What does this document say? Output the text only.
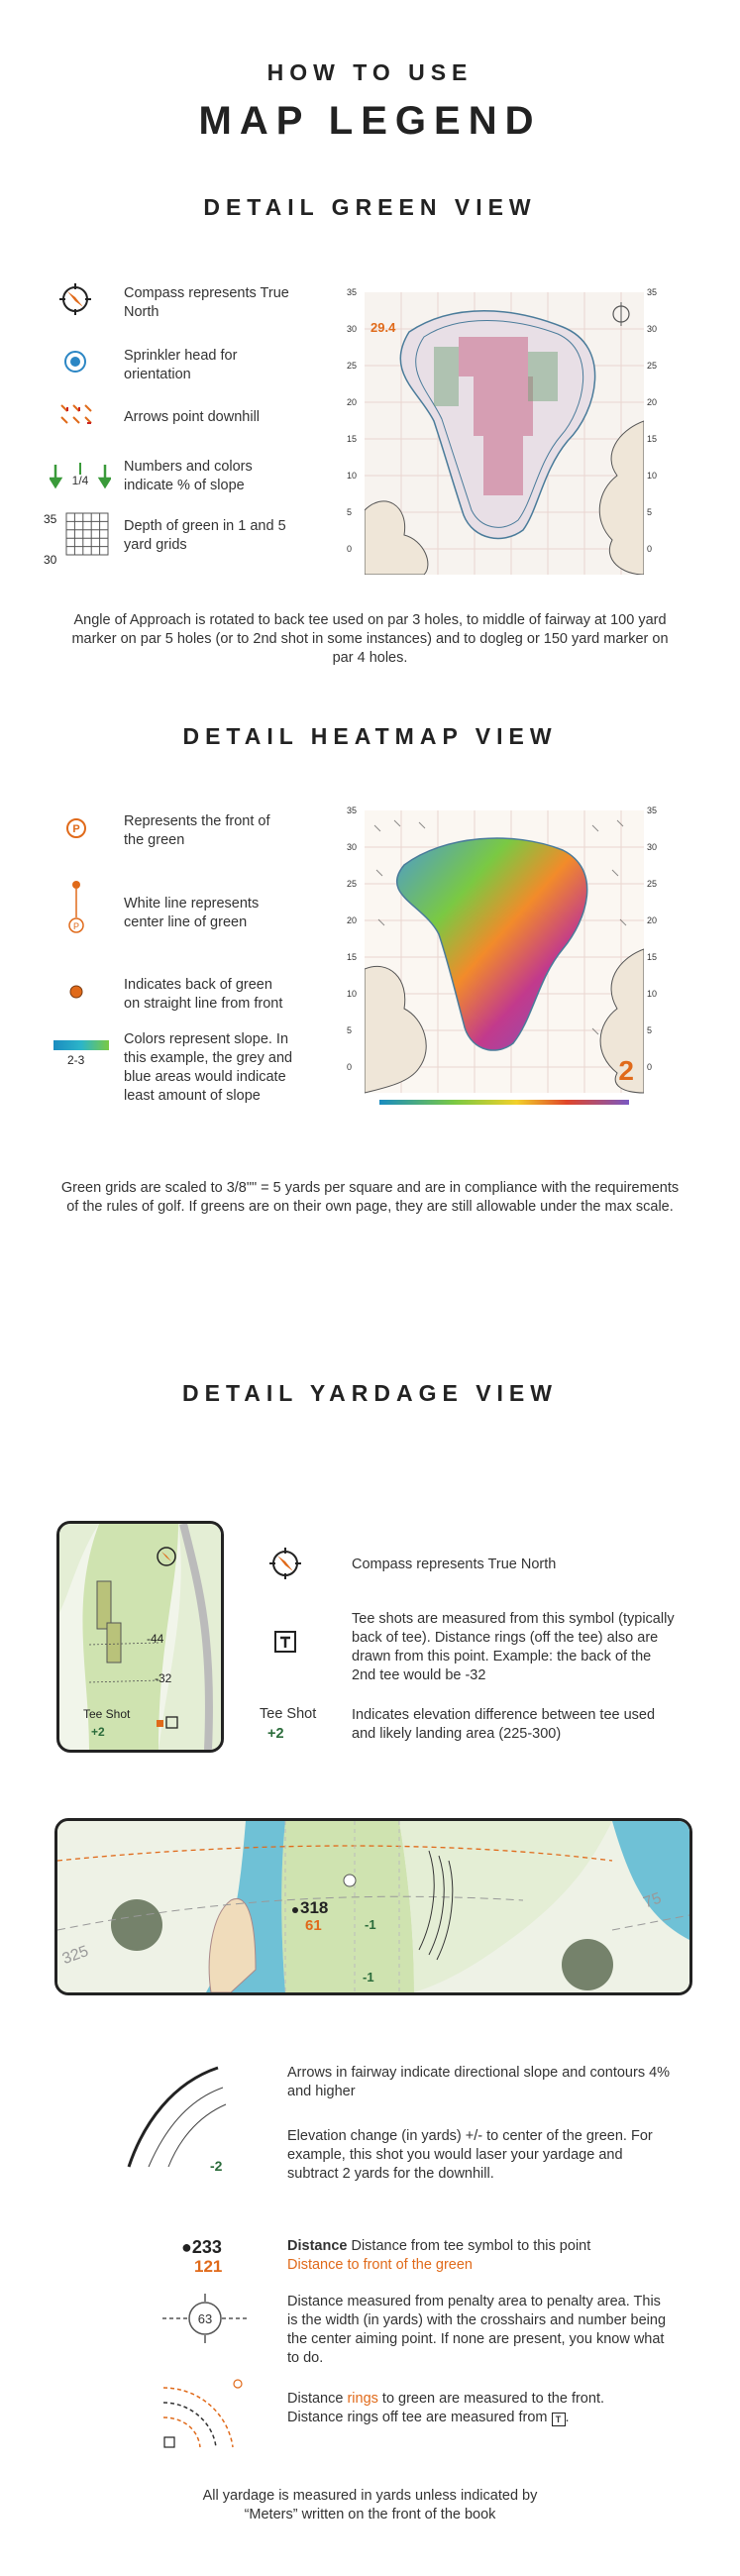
HOW TO USE
MAP LEGEND
DETAIL GREEN VIEW
Compass represents True North
Sprinkler head for orientation
Arrows point downhill
1/4
Numbers and colors indicate % of slope
35
30
Depth of green in 1 and 5 yard grids
35
30
25
20
15
10
5
0
29.4
35
30
25
20
15
10
5
0
Angle of Approach is rotated to back tee used on par 3 holes, to middle of fairway at 100 yard marker on par 5 holes (or to 2nd shot in some instances) and to dogleg or 150 yard marker on par 4 holes.
DETAIL HEATMAP VIEW
P	Represents the front of the green
P
White line represents center line of green
Indicates back of green on straight line from front
2-3
Colors represent slope. In this example, the grey and blue areas would indicate least amount of slope
35
30
25
20
15
10
5
0	2
35
30
25
20
15
10
5
0
Green grids are scaled to 3/8"" = 5 yards per square and are in compliance with the requirements of the rules of golf. If greens are on their own page, they are still allowable under the max scale.
DETAIL YARDAGE VIEW
-44
-32
Tee Shot
+2
Compass represents True North
Tee shots are measured from this symbol (typically back of tee). Distance rings (off the tee) also are drawn from this point. Example: the back of the 2nd tee would be -32
Tee Shot
+2
Indicates elevation difference between tee used and likely landing area (225-300)
318
61	-1
-1
325
75
Arrows in fairway indicate directional slope and contours 4% and higher
-2
Elevation change (in yards) +/- to center of the green. For example, this shot you would laser your yardage and subtract 2 yards for the downhill.
●233
121
Distance Distance from tee symbol to this point
Distance to front of the green
63
Distance measured from penalty area to penalty area. This is the width (in yards) with the crosshairs and number being the center aiming point. If none are present, you know what to do.
Distance rings to green are measured to the front.
Distance rings off tee are measured from T .
All yardage is measured in yards unless indicated by “Meters” written on the front of the book
